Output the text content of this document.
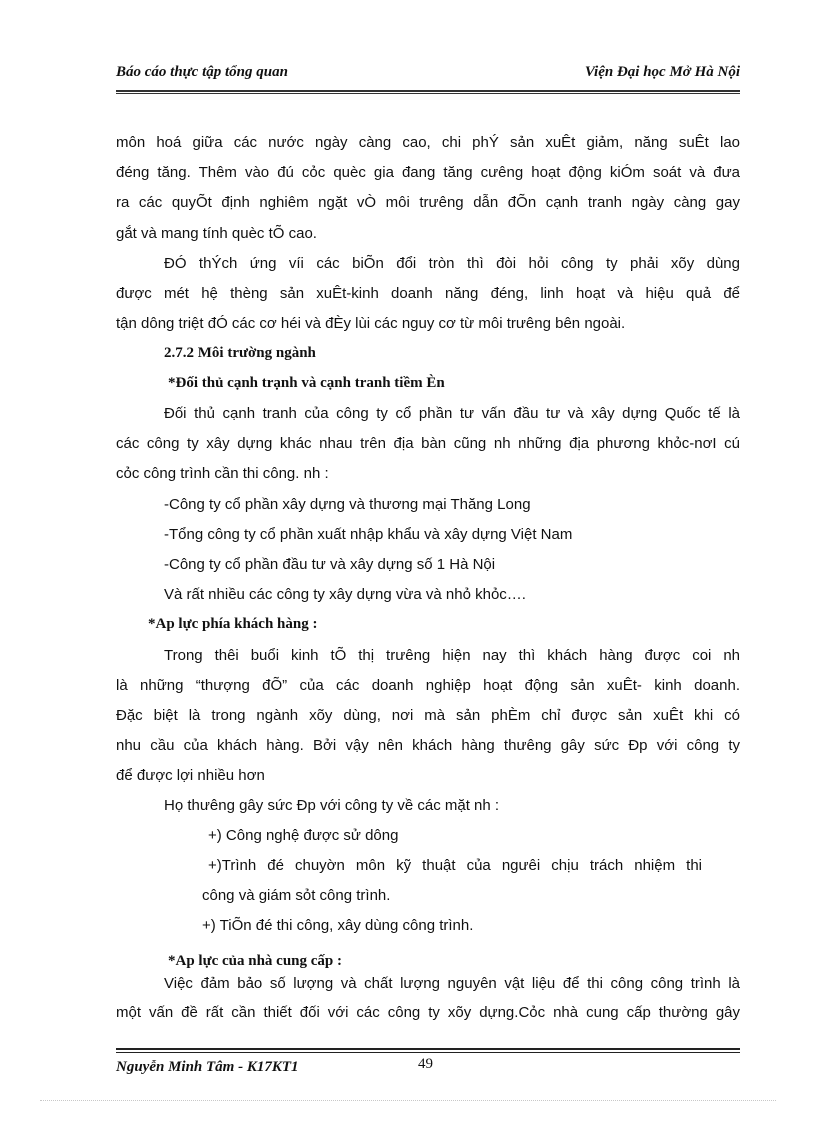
Báo cáo thực tập tổng quan	Viện Đại học Mở Hà Nội
môn hoá giữa các nước ngày càng cao, chi phÝ sản xuÊt giảm, năng suÊt lao
đéng tăng. Thêm vào đú cỏc quèc gia đang tăng cưêng hoạt động kiÓm soát và đưa
ra các quyÕt định nghiêm ngặt vÒ môi trưêng dẫn đÕn cạnh tranh ngày càng gay
gắt và mang tính quèc tÕ cao.
ĐÓ thÝch ứng víi các biÕn đổi tròn thì đòi hỏi công ty phải xõy dùng
được mét hệ thèng sản xuÊt-kinh doanh năng đéng, linh hoạt và hiệu quả để
tận dông triệt đÓ các cơ héi và đÈy lùi các nguy cơ từ môi trưêng bên ngoài.
2.7.2 Môi trường ngành
*Đối thủ cạnh trạnh và cạnh tranh tiềm Èn
Đối thủ cạnh tranh của công ty cổ phần tư vấn đầu tư và xây dựng Quốc tế là
các công ty xây dựng khác nhau trên địa bàn cũng nh những địa phương khỏc-nơI cú
cỏc công trình cần thi công. nh :
-Công ty cổ phần xây dựng và thương mại Thăng Long
-Tổng công ty cổ phần xuất nhập khẩu và xây dựng Việt Nam
-Công ty cổ phần đầu tư và xây dựng số 1 Hà Nội
Và rất nhiều các công ty xây dựng vừa và nhỏ khỏc….
*Ap lực phía khách hàng :
Trong thêi buổi kinh tÕ thị trưêng hiện nay thì khách hàng được coi nh
là những “thượng đÕ” của các doanh nghiệp hoạt động sản xuÊt- kinh doanh.
Đặc biệt là trong ngành xõy dùng, nơi mà sản phÈm chỉ được sản xuÊt khi có
nhu cầu của khách hàng. Bởi vậy nên khách hàng thưêng gây sức Ðp với công ty
để được lợi nhiều hơn
Họ thưêng gây sức Ðp với công ty về các mặt nh :
+) Công nghệ được sử dông
+)Trình đé chuyờn môn kỹ thuật của ngưêi chịu trách nhiệm thi
công và giám sỏt công trình.
+) TiÕn đé thi công, xây dùng công trình.
*Ap lực của nhà cung cấp :
Việc đảm bảo số lượng và chất lượng nguyên vật liệu để thi công công trình là
một vấn đề rất cần thiết đối với các công ty xõy dựng.Cỏc nhà cung cấp thường gây
Nguyễn Minh Tâm - K17KT1	49
